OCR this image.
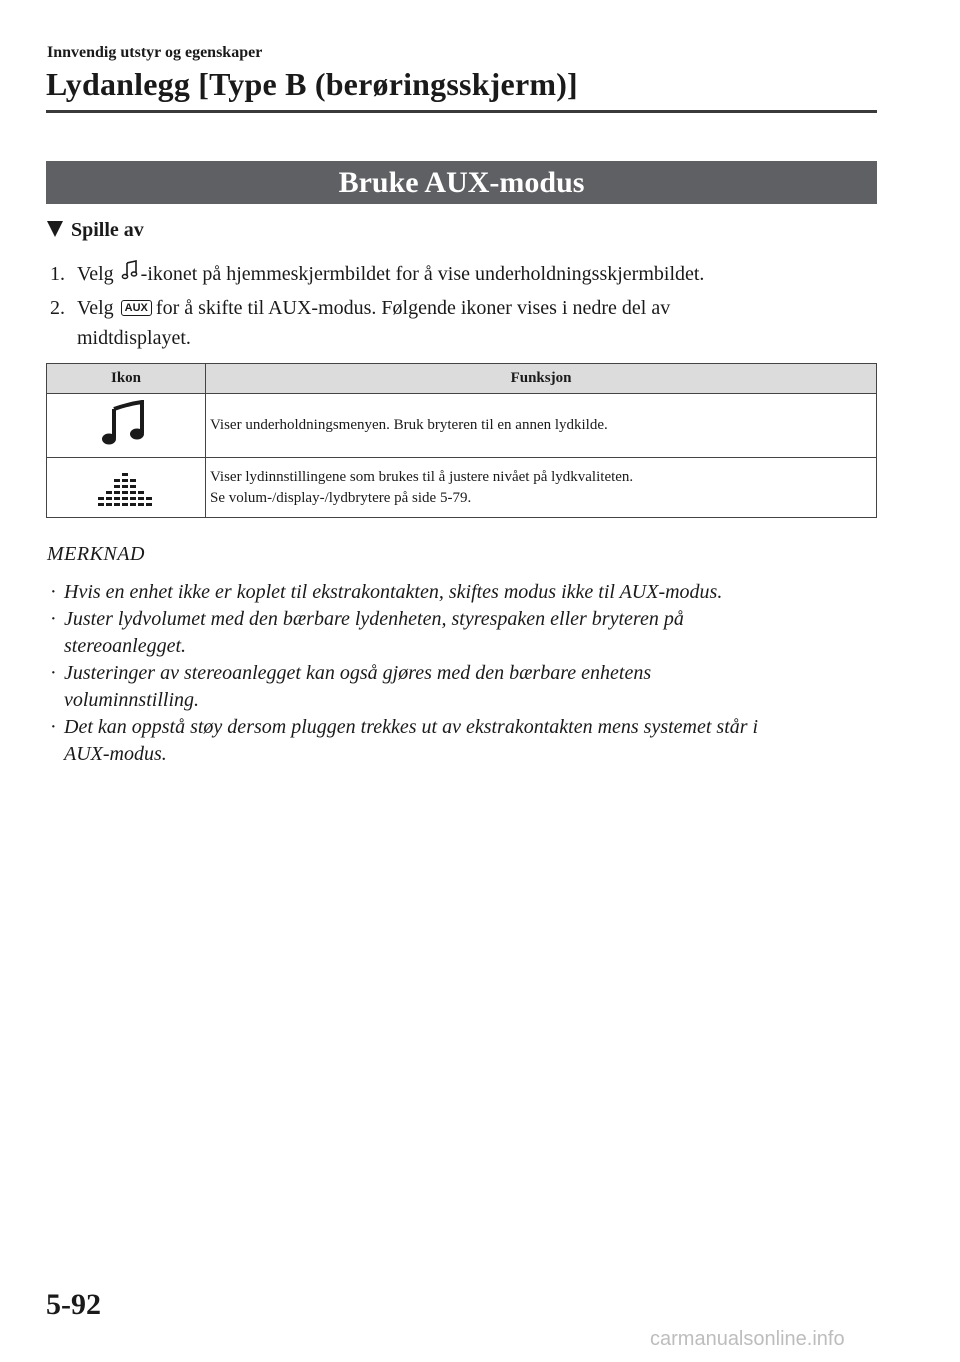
Innvendig utstyr og egenskaper
Lydanlegg [Type B (berøringsskjerm)]
Bruke AUX-modus
Spille av
1. Velg -ikonet på hjemmeskjermbildet for å vise underholdningsskjermbildet.
2. Velg AUX for å skifte til AUX-modus. Følgende ikoner vises i nedre del av
midtdisplayet.
Ikon	Funksjon
	Viser underholdningsmenyen. Bruk bryteren til en annen lydkilde.
	Viser lydinnstillingene som brukes til å justere nivået på lydkvaliteten.
Se volum-/display-/lydbrytere på side 5-79.
MERKNAD
· Hvis en enhet ikke er koplet til ekstrakontakten, skiftes modus ikke til AUX-modus.
· Juster lydvolumet med den bærbare lydenheten, styrespaken eller bryteren på
stereoanlegget.
· Justeringer av stereoanlegget kan også gjøres med den bærbare enhetens
voluminnstilling.
· Det kan oppstå støy dersom pluggen trekkes ut av ekstrakontakten mens systemet står i
AUX-modus.
5-92
carmanualsonline.info
